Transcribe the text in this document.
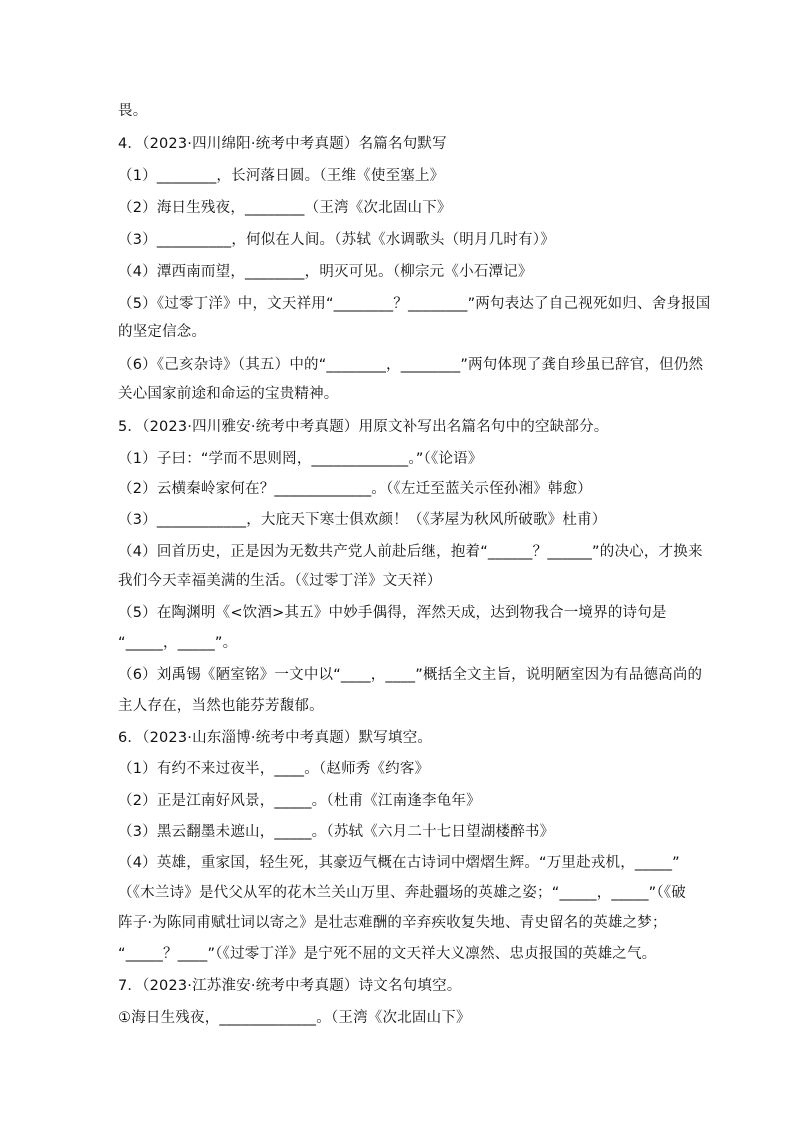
畏。
4．（2023·四川绵阳·统考中考真题）名篇名句默写
（1）________，长河落日圆。（王维《使至塞上》
（2）海日生残夜，________（王湾《次北固山下》
（3）__________，何似在人间。（苏轼《水调歌头（明月几时有）》
（4）潭西南而望，________，明灭可见。（柳宗元《小石潭记》
（5）《过零丁洋》中，文天祥用“________？________”两句表达了自己视死如归、舍身报国
的坚定信念。
（6）《己亥杂诗》（其五）中的“________，________”两句体现了龚自珍虽已辞官，但仍然
关心国家前途和命运的宝贵精神。
5．（2023·四川雅安·统考中考真题）用原文补写出名篇名句中的空缺部分。
（1）子曰：“学而不思则罔，_____________。”（《论语》
（2）云横秦岭家何在？_____________。（《左迁至蓝关示侄孙湘》韩愈）
（3）____________，大庇天下寒士俱欢颜！（《茅屋为秋风所破歌》杜甫）
（4）回首历史，正是因为无数共产党人前赴后继，抱着“______？______”的决心，才换来
我们今天幸福美满的生活。（《过零丁洋》文天祥）
（5）在陶渊明《<饮酒>其五》中妙手偶得，浑然天成，达到物我合一境界的诗句是
“_____，_____”。
（6）刘禹锡《陋室铭》一文中以“____，____”概括全文主旨，说明陋室因为有品德高尚的
主人存在，当然也能芬芳馥郁。
6．（2023·山东淄博·统考中考真题）默写填空。
（1）有约不来过夜半，____。（赵师秀《约客》
（2）正是江南好风景，_____。（杜甫《江南逢李龟年》
（3）黑云翻墨未遮山，_____。（苏轼《六月二十七日望湖楼醉书》
（4）英雄，重家国，轻生死，其豪迈气概在古诗词中熠熠生辉。“万里赴戎机，_____”
（《木兰诗》是代父从军的花木兰关山万里、奔赴疆场的英雄之姿；“_____，_____”（《破
阵子·为陈同甫赋壮词以寄之》是壮志难酬的辛弃疾收复失地、青史留名的英雄之梦；
“_____？____”（《过零丁洋》是宁死不屈的文天祥大义凛然、忠贞报国的英雄之气。
7．（2023·江苏淮安·统考中考真题）诗文名句填空。
①海日生残夜，_____________。（王湾《次北固山下》
